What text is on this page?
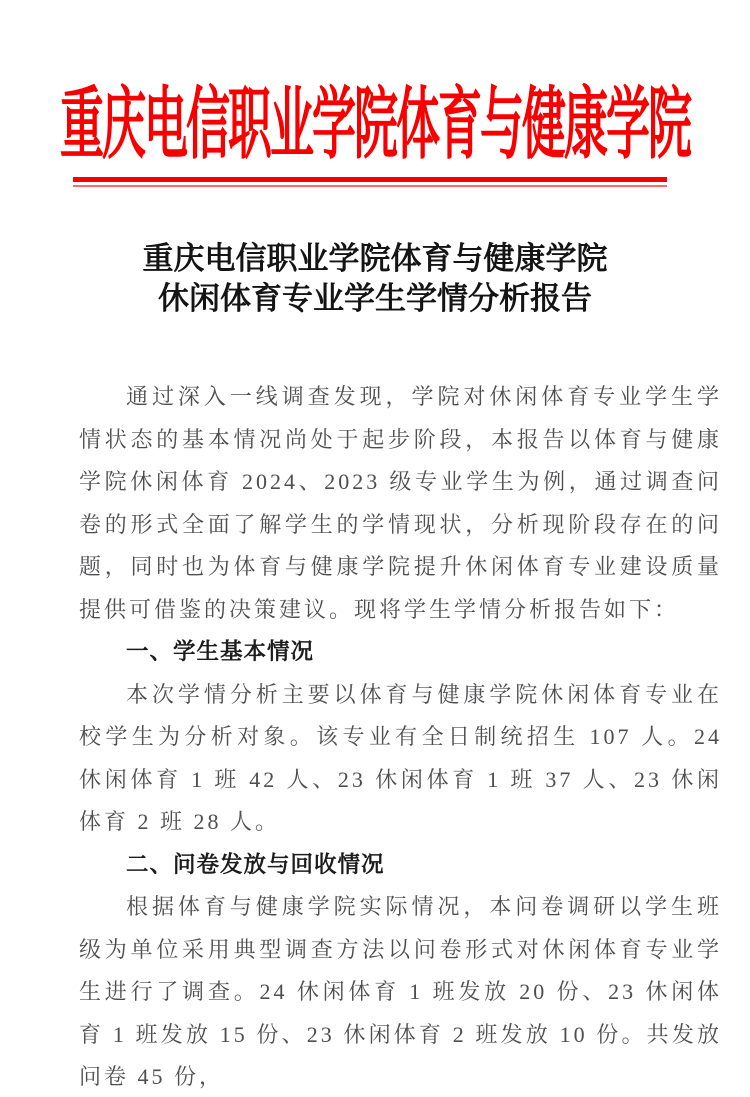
重庆电信职业学院体育与健康学院
重庆电信职业学院体育与健康学院
休闲体育专业学生学情分析报告

通过深入一线调查发现，学院对休闲体育专业学生学情状态的基本情况尚处于起步阶段，本报告以体育与健康学院休闲体育 2024、2023 级专业学生为例，通过调查问卷的形式全面了解学生的学情现状，分析现阶段存在的问题，同时也为体育与健康学院提升休闲体育专业建设质量提供可借鉴的决策建议。现将学生学情分析报告如下：

一、学生基本情况

本次学情分析主要以体育与健康学院休闲体育专业在校学生为分析对象。该专业有全日制统招生 107 人。24 休闲体育 1 班 42 人、23 休闲体育 1 班 37 人、23 休闲体育 2 班 28 人。

二、问卷发放与回收情况

根据体育与健康学院实际情况，本问卷调研以学生班级为单位采用典型调查方法以问卷形式对休闲体育专业学生进行了调查。24 休闲体育 1 班发放 20 份、23 休闲体育 1 班发放 15 份、23 休闲体育 2 班发放 10 份。共发放问卷 45 份，
